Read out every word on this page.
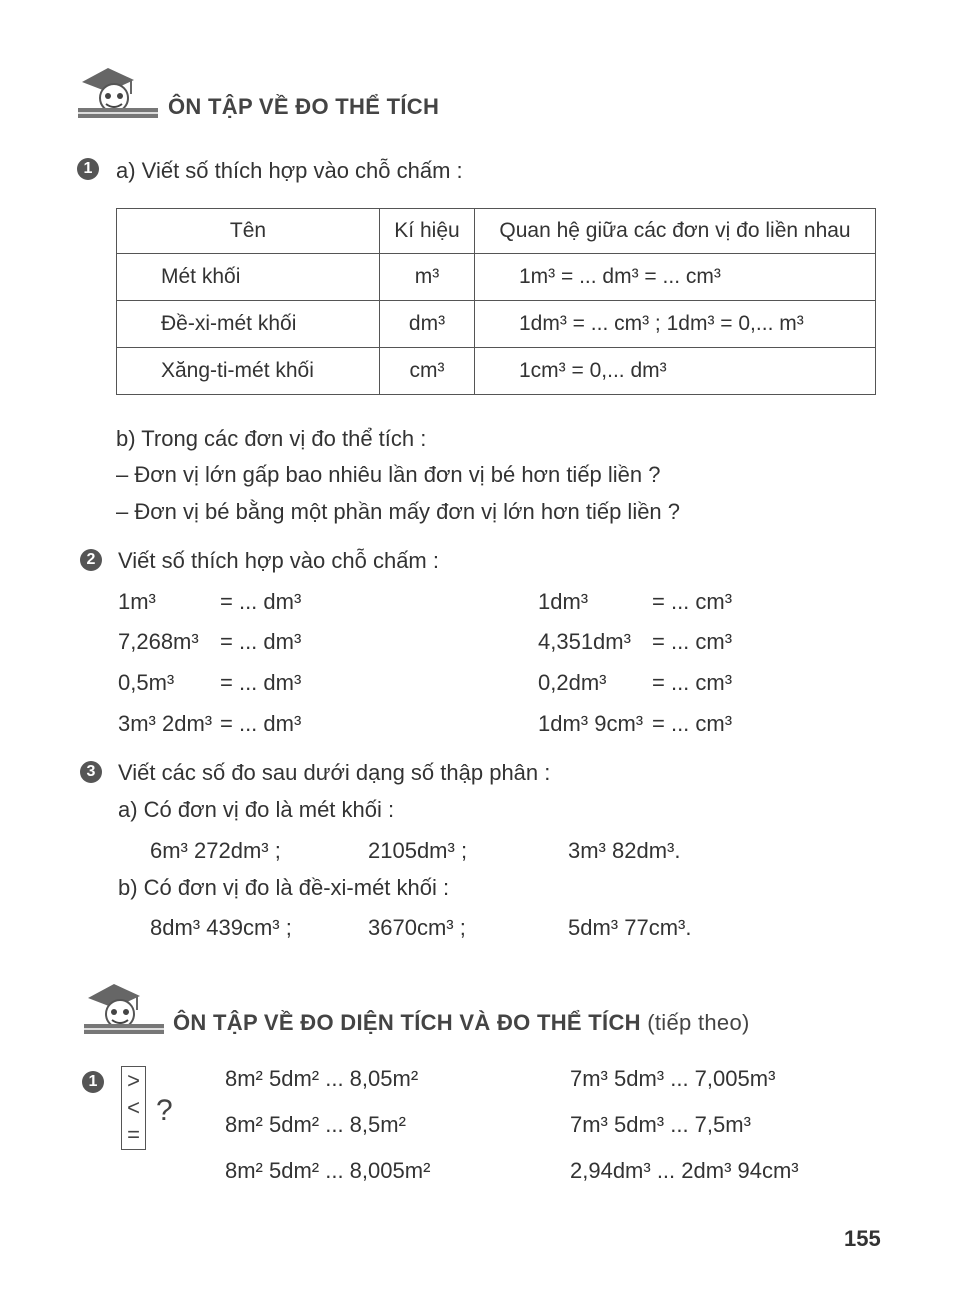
ÔN TẬP VỀ ĐO THỂ TÍCH
1 a) Viết số thích hợp vào chỗ chấm :
Tên	Kí hiệu	Quan hệ giữa các đơn vị đo liền nhau
Mét khối	m³	1m³ = ... dm³ = ... cm³
Đề-xi-mét khối	dm³	1dm³ = ... cm³ ; 1dm³ = 0,... m³
Xăng-ti-mét khối	cm³	1cm³ = 0,... dm³
b) Trong các đơn vị đo thể tích :
– Đơn vị lớn gấp bao nhiêu lần đơn vị bé hơn tiếp liền ?
– Đơn vị bé bằng một phần mấy đơn vị lớn hơn tiếp liền ?
2 Viết số thích hợp vào chỗ chấm :
1m³	= ... dm³
7,268m³ = ... dm³
0,5m³ = ... dm³
3m³ 2dm³ = ... dm³
1dm³	= ... cm³
4,351dm³ = ... cm³
0,2dm³ = ... cm³
1dm³ 9cm³ = ... cm³
3 Viết các số đo sau dưới dạng số thập phân :
a) Có đơn vị đo là mét khối :
6m³ 272dm³ ;	2105dm³ ;	3m³ 82dm³.
b) Có đơn vị đo là đề-xi-mét khối :
8dm³ 439cm³ ;	3670cm³ ;	5dm³ 77cm³.
ÔN TẬP VỀ ĐO DIỆN TÍCH VÀ ĐO THỂ TÍCH (tiếp theo)
1 >
<
=
?
8m² 5dm² ... 8,05m²
8m² 5dm² ... 8,5m²
8m² 5dm² ... 8,005m²
7m³ 5dm³ ... 7,005m³
7m³ 5dm³ ... 7,5m³
2,94dm³ ... 2dm³ 94cm³
155
